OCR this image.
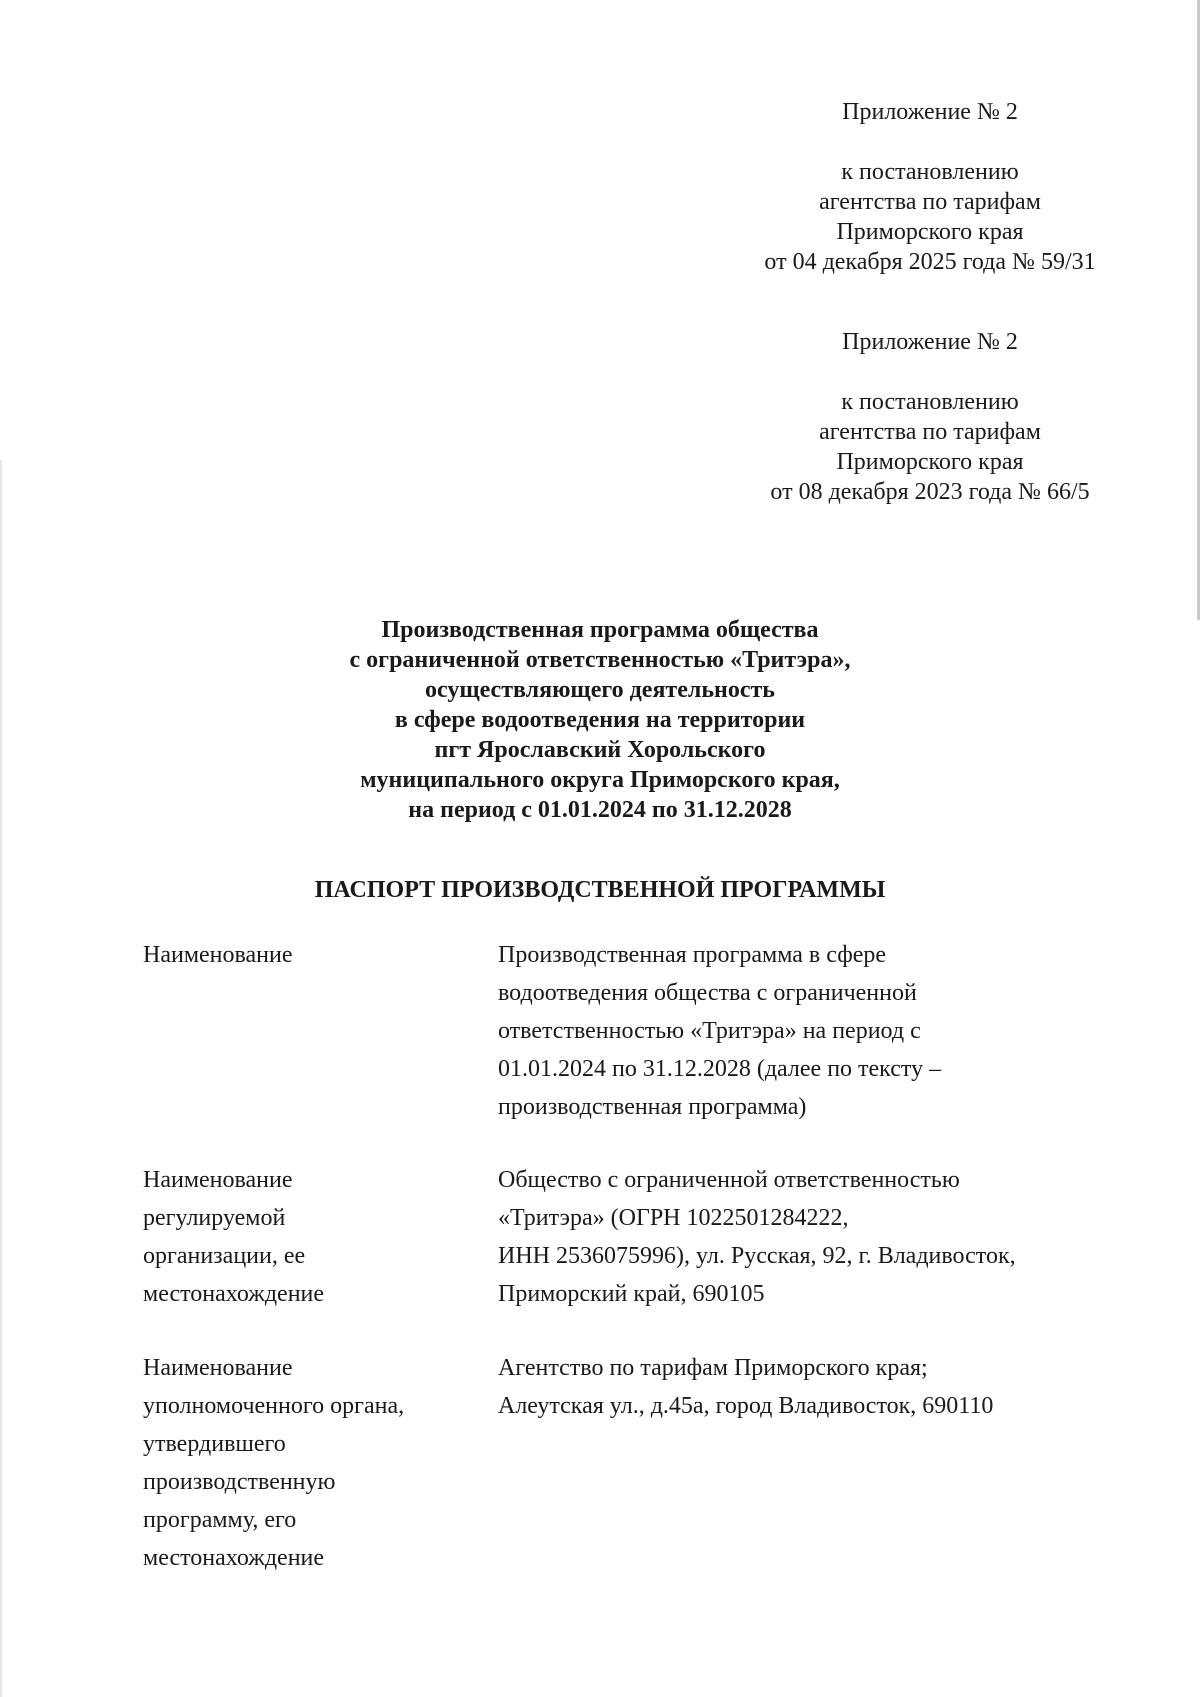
Приложение № 2

к постановлению

агентства по тарифам

Приморского края

от 04 декабря 2025 года № 59/31

Приложение № 2

к постановлению

агентства по тарифам

Приморского края

от 08 декабря 2023 года № 66/5

Производственная программа общества

с ограниченной ответственностью «Тритэра»,

осуществляющего деятельность

в сфере водоотведения на территории

пгт Ярославский Хорольского

муниципального округа Приморского края,

на период с 01.01.2024 по 31.12.2028

ПАСПОРТ ПРОИЗВОДСТВЕННОЙ ПРОГРАММЫ
Наименование	Производственная программа в сфере
водоотведения общества с ограниченной
ответственностью «Тритэра» на период с
01.01.2024 по 31.12.2028 (далее по тексту –
производственная программа)
Наименование
регулируемой
организации, ее
местонахождение
Общество с ограниченной ответственностью
«Тритэра» (ОГРН 1022501284222,
ИНН 2536075996), ул. Русская, 92, г. Владивосток,
Приморский край, 690105
Наименование
уполномоченного органа,
утвердившего
производственную
программу, его
местонахождение
Агентство по тарифам Приморского края;
Алеутская ул., д.45а, город Владивосток, 690110
